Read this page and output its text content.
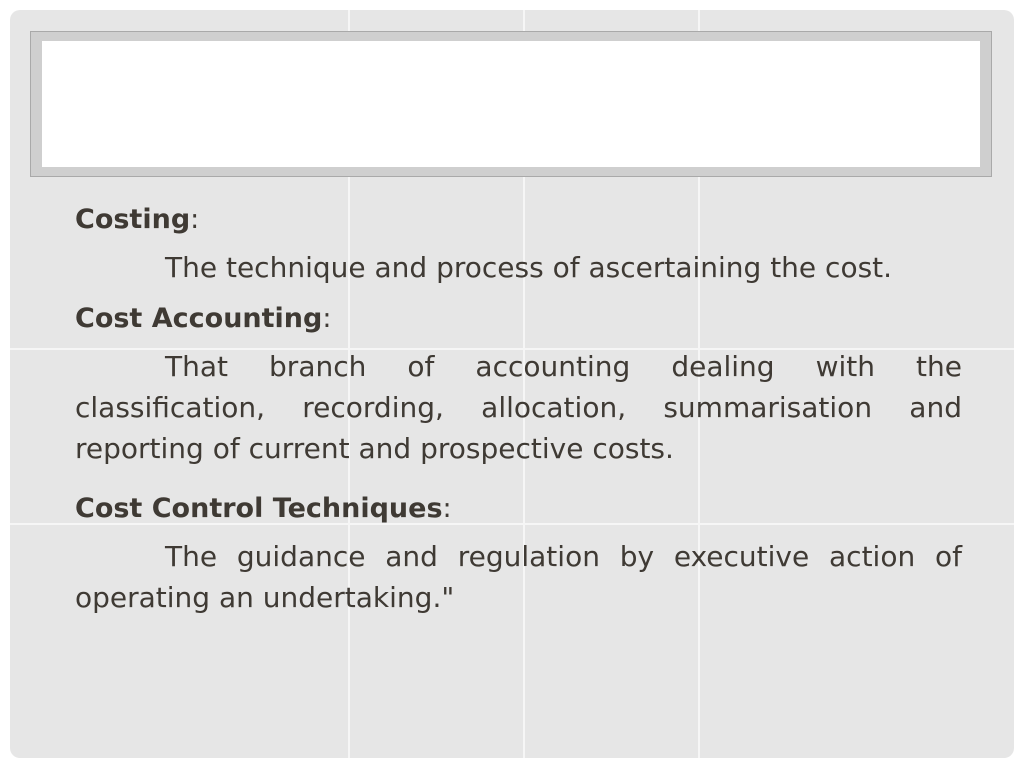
Costing:

The technique and process of ascertaining the cost.

Cost Accounting:

That branch of accounting dealing with the classification, recording, allocation, summarisation and reporting of current and prospective costs.

Cost Control Techniques:

The guidance and regulation by executive action of operating an undertaking."
